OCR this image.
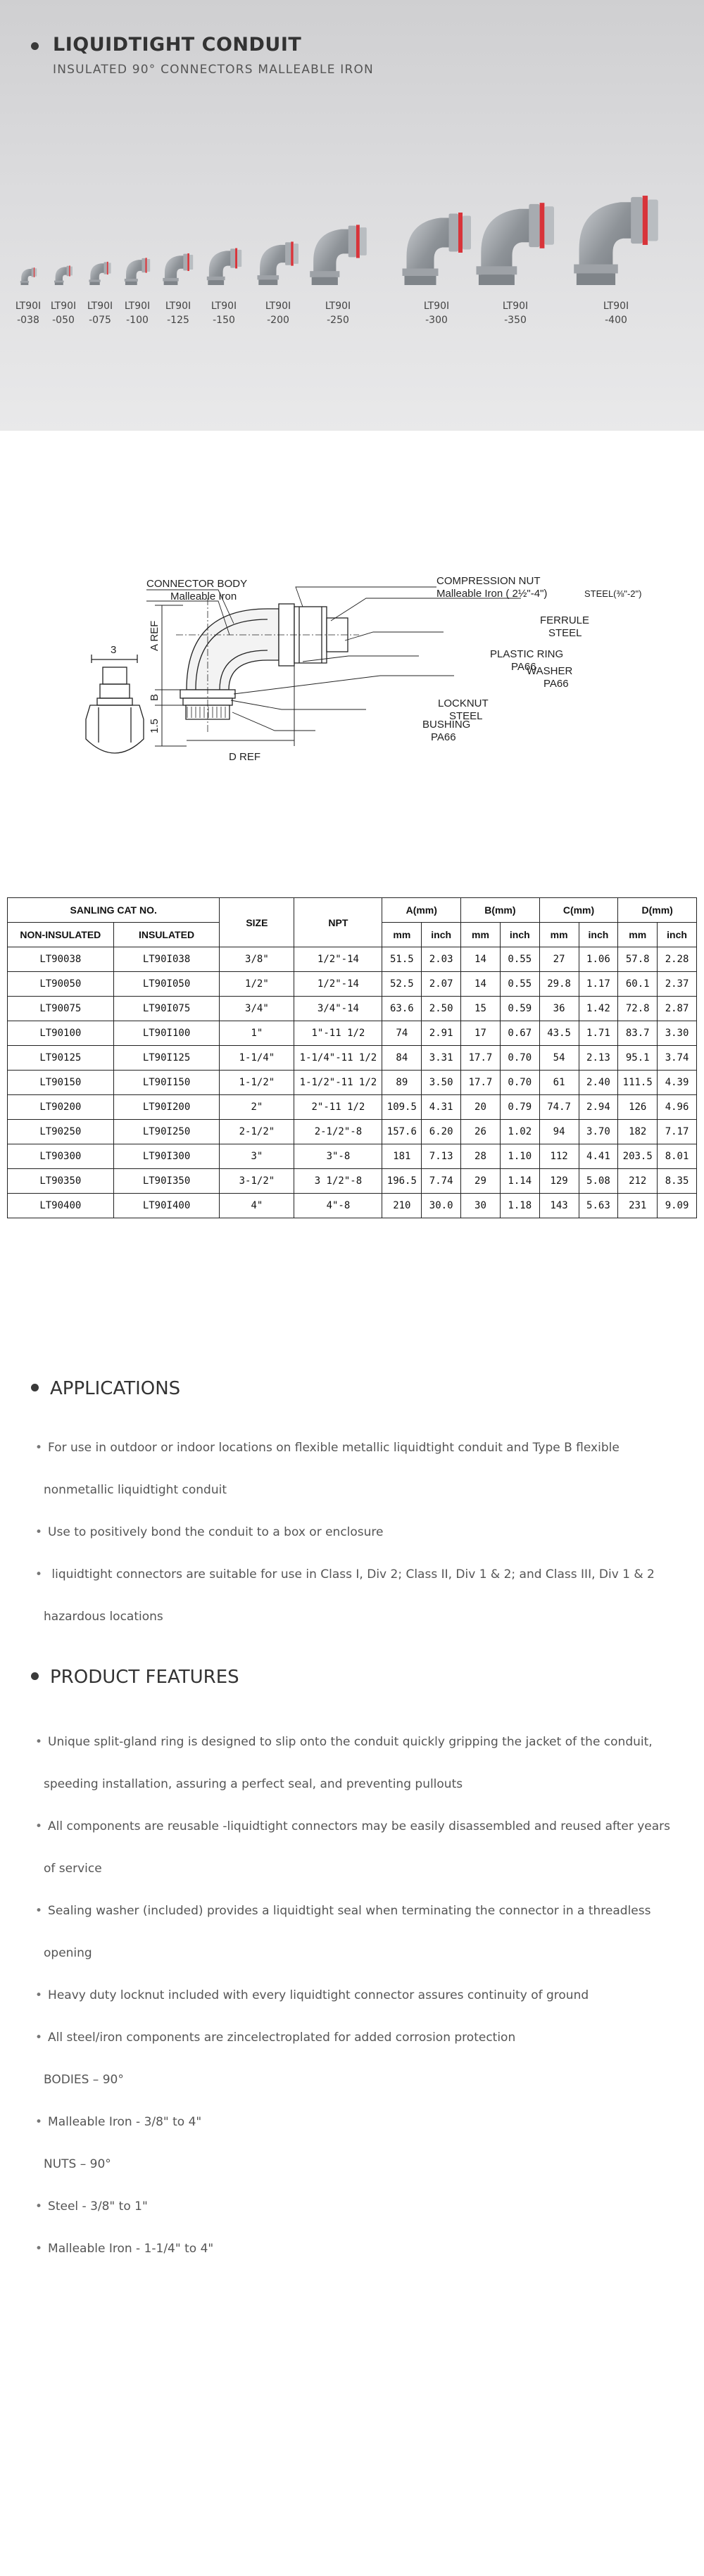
LIQUIDTIGHT CONDUIT
INSULATED 90° CONNECTORS MALLEABLE IRON
LT90I
-038
LT90I
-050
LT90I
-075
LT90I
-100
LT90I
-125
LT90I
-150
LT90I
-200
LT90I
-250
LT90I
-300
LT90I
-350
LT90I
-400
CONNECTOR BODY
Malleable Iron
COMPRESSION NUT
Malleable Iron ( 2½"-4")	STEEL(⅜"-2")
FERRULE
STEEL
PLASTIC RING
PA66
WASHER
PA66
LOCKNUT
STEEL
BUSHING
PA66
D REF
3	A REF
B
1.5
SANLING CAT NO.		SIZE	NPT	A(mm)		B(mm)		C(mm)		D(mm)	
NON-INSULATED	INSULATED			mm	inch	mm	inch	mm	inch	mm	inch
LT90038	LT90I038	3/8"	1/2"-14	51.5	2.03	14	0.55	27	1.06	57.8	2.28
LT90050	LT90I050	1/2"	1/2"-14	52.5	2.07	14	0.55	29.8	1.17	60.1	2.37
LT90075	LT90I075	3/4"	3/4"-14	63.6	2.50	15	0.59	36	1.42	72.8	2.87
LT90100	LT90I100	1"	1"-11 1/2	74	2.91	17	0.67	43.5	1.71	83.7	3.30
LT90125	LT90I125	1-1/4"	1-1/4"-11 1/2	84	3.31	17.7	0.70	54	2.13	95.1	3.74
LT90150	LT90I150	1-1/2"	1-1/2"-11 1/2	89	3.50	17.7	0.70	61	2.40	111.5	4.39
LT90200	LT90I200	2"	2"-11 1/2	109.5	4.31	20	0.79	74.7	2.94	126	4.96
LT90250	LT90I250	2-1/2"	2-1/2"-8	157.6	6.20	26	1.02	94	3.70	182	7.17
LT90300	LT90I300	3"	3"-8	181	7.13	28	1.10	112	4.41	203.5	8.01
LT90350	LT90I350	3-1/2"	3 1/2"-8	196.5	7.74	29	1.14	129	5.08	212	8.35
LT90400	LT90I400	4"	4"-8	210	30.0	30	1.18	143	5.63	231	9.09
APPLICATIONS
• For use in outdoor or indoor locations on flexible metallic liquidtight conduit and Type B flexible
nonmetallic liquidtight conduit
• Use to positively bond the conduit to a box or enclosure
• liquidtight connectors are suitable for use in Class I, Div 2; Class II, Div 1 & 2; and Class III, Div 1 & 2
hazardous locations
PRODUCT FEATURES
• Unique split-gland ring is designed to slip onto the conduit quickly gripping the jacket of the conduit,
speeding installation, assuring a perfect seal, and preventing pullouts
• All components are reusable -liquidtight connectors may be easily disassembled and reused after years
of service
• Sealing washer (included) provides a liquidtight seal when terminating the connector in a threadless
opening
• Heavy duty locknut included with every liquidtight connector assures continuity of ground
• All steel/iron components are zincelectroplated for added corrosion protection
BODIES – 90°
• Malleable Iron - 3/8" to 4"
NUTS – 90°
• Steel - 3/8" to 1"
• Malleable Iron - 1-1/4" to 4"
